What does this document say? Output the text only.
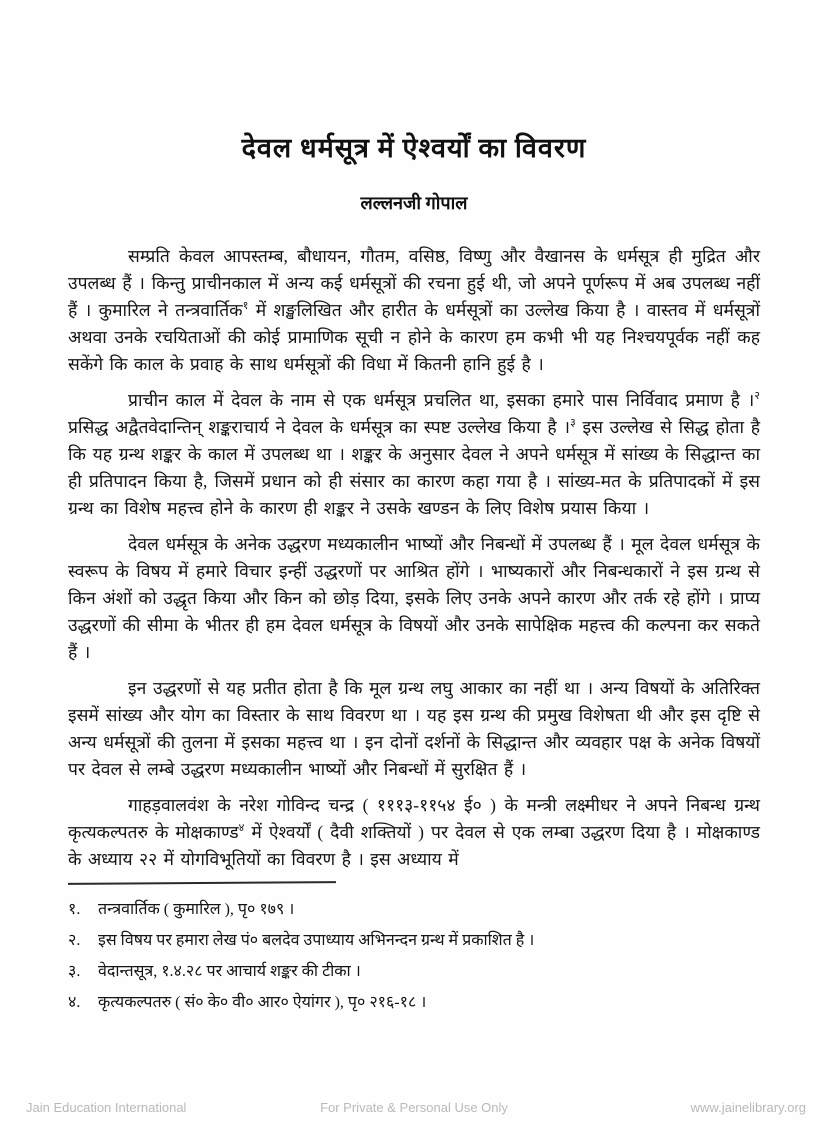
देवल धर्मसूत्र में ऐश्वर्यों का विवरण
लल्लनजी गोपाल

सम्प्रति केवल आपस्तम्ब, बौधायन, गौतम, वसिष्ठ, विष्णु और वैखानस के धर्मसूत्र ही मुद्रित और उपलब्ध हैं । किन्तु प्राचीनकाल में अन्य कई धर्मसूत्रों की रचना हुई थी, जो अपने पूर्णरूप में अब उपलब्ध नहीं हैं । कुमारिल ने तन्त्रवार्तिक$^१$ में शङ्खलिखित और हारीत के धर्मसूत्रों का उल्लेख किया है । वास्तव में धर्मसूत्रों अथवा उनके रचयिताओं की कोई प्रामाणिक सूची न होने के कारण हम कभी भी यह निश्चयपूर्वक नहीं कह सकेंगे कि काल के प्रवाह के साथ धर्मसूत्रों की विधा में कितनी हानि हुई है ।

प्राचीन काल में देवल के नाम से एक धर्मसूत्र प्रचलित था, इसका हमारे पास निर्विवाद प्रमाण है ।$^२$ प्रसिद्ध अद्वैतवेदान्तिन् शङ्कराचार्य ने देवल के धर्मसूत्र का स्पष्ट उल्लेख किया है ।$^३$ इस उल्लेख से सिद्ध होता है कि यह ग्रन्थ शङ्कर के काल में उपलब्ध था । शङ्कर के अनुसार देवल ने अपने धर्मसूत्र में सांख्य के सिद्धान्त का ही प्रतिपादन किया है, जिसमें प्रधान को ही संसार का कारण कहा गया है । सांख्य-मत के प्रतिपादकों में इस ग्रन्थ का विशेष महत्त्व होने के कारण ही शङ्कर ने उसके खण्डन के लिए विशेष प्रयास किया ।

देवल धर्मसूत्र के अनेक उद्धरण मध्यकालीन भाष्यों और निबन्धों में उपलब्ध हैं । मूल देवल धर्मसूत्र के स्वरूप के विषय में हमारे विचार इन्हीं उद्धरणों पर आश्रित होंगे । भाष्यकारों और निबन्धकारों ने इस ग्रन्थ से किन अंशों को उद्धृत किया और किन को छोड़ दिया, इसके लिए उनके अपने कारण और तर्क रहे होंगे । प्राप्य उद्धरणों की सीमा के भीतर ही हम देवल धर्मसूत्र के विषयों और उनके सापेक्षिक महत्त्व की कल्पना कर सकते हैं ।

इन उद्धरणों से यह प्रतीत होता है कि मूल ग्रन्थ लघु आकार का नहीं था । अन्य विषयों के अतिरिक्त इसमें सांख्य और योग का विस्तार के साथ विवरण था । यह इस ग्रन्थ की प्रमुख विशेषता थी और इस दृष्टि से अन्य धर्मसूत्रों की तुलना में इसका महत्त्व था । इन दोनों दर्शनों के सिद्धान्त और व्यवहार पक्ष के अनेक विषयों पर देवल से लम्बे उद्धरण मध्यकालीन भाष्यों और निबन्धों में सुरक्षित हैं ।

गाहड़वालवंश के नरेश गोविन्द चन्द्र ( १११३-११५४ ई० ) के मन्त्री लक्ष्मीधर ने अपने निबन्ध ग्रन्थ कृत्यकल्पतरु के मोक्षकाण्ड$^४$ में ऐश्वर्यों ( दैवी शक्तियों ) पर देवल से एक लम्बा उद्धरण दिया है । मोक्षकाण्ड के अध्याय २२ में योगविभूतियों का विवरण है । इस अध्याय में

१.	तन्त्रवार्तिक ( कुमारिल ), पृ० १७९ ।
२.	इस विषय पर हमारा लेख पं० बलदेव उपाध्याय अभिनन्दन ग्रन्थ में प्रकाशित है ।
३.	वेदान्तसूत्र, १.४.२८ पर आचार्य शङ्कर की टीका ।
४.	कृत्यकल्पतरु ( सं० के० वी० आर० ऐयांगर ), पृ० २१६-१८ ।
Jain Education International	For Private & Personal Use Only	www.jainelibrary.org
